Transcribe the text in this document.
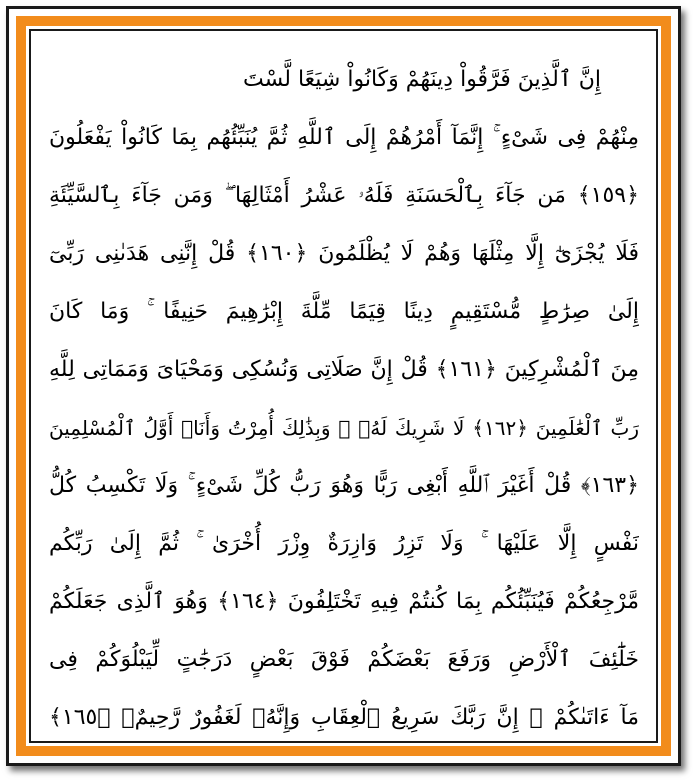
إِنَّ ٱلَّذِينَ فَرَّقُواْ دِينَهُمْ وَكَانُواْ شِيَعًا لَّسْتَ
مِنْهُمْ فِى شَىْءٍ ۚ إِنَّمَآ أَمْرُهُمْ إِلَى ٱللَّهِ ثُمَّ يُنَبِّئُهُم بِمَا كَانُواْ يَفْعَلُونَ
﴿١٥٩﴾ مَن جَآءَ بِٱلْحَسَنَةِ فَلَهُۥ عَشْرُ أَمْثَالِهَا ۖ وَمَن جَآءَ بِٱلسَّيِّئَةِ
فَلَا يُجْزَىٰٓ إِلَّا مِثْلَهَا وَهُمْ لَا يُظْلَمُونَ ﴿١٦٠﴾ قُلْ إِنَّنِى هَدَىٰنِى رَبِّىٓ
إِلَىٰ صِرَٰطٍ مُّسْتَقِيمٍ دِينًا قِيَمًا مِّلَّةَ إِبْرَٰهِيمَ حَنِيفًا ۚ وَمَا كَانَ
مِنَ ٱلْمُشْرِكِينَ ﴿١٦١﴾ قُلْ إِنَّ صَلَاتِى وَنُسُكِى وَمَحْيَاىَ وَمَمَاتِى لِلَّهِ
رَبِّ ٱلْعَٰلَمِينَ ﴿١٦٢﴾ لَا شَرِيكَ لَهُۥ ۖ وَبِذَٰلِكَ أُمِرْتُ وَأَنَا۠ أَوَّلُ ٱلْمُسْلِمِينَ
﴿١٦٣﴾ قُلْ أَغَيْرَ ٱللَّهِ أَبْغِى رَبًّا وَهُوَ رَبُّ كُلِّ شَىْءٍ ۚ وَلَا تَكْسِبُ كُلُّ
نَفْسٍ إِلَّا عَلَيْهَا ۚ وَلَا تَزِرُ وَازِرَةٌ وِزْرَ أُخْرَىٰ ۚ ثُمَّ إِلَىٰ رَبِّكُم
مَّرْجِعُكُمْ فَيُنَبِّئُكُم بِمَا كُنتُمْ فِيهِ تَخْتَلِفُونَ ﴿١٦٤﴾ وَهُوَ ٱلَّذِى جَعَلَكُمْ
خَلَٰٓئِفَ ٱلْأَرْضِ وَرَفَعَ بَعْضَكُمْ فَوْقَ بَعْضٍ دَرَجَٰتٍ لِّيَبْلُوَكُمْ فِى
مَآ ءَاتَىٰكُمْ ۗ إِنَّ رَبَّكَ سَرِيعُ ٱلْعِقَابِ وَإِنَّهُۥ لَغَفُورٌ رَّحِيمٌۢ ﴿١٦٥﴾
